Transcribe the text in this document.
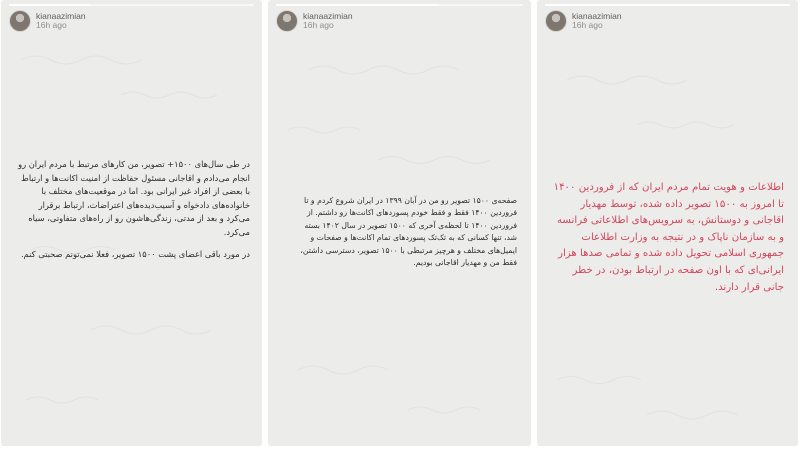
kianaazimian
16h ago

در طی سال‌های ۱۵۰۰+ تصویر، من کارهای مرتبط با مردم ایران رو انجام می‌دادم و اقاجانی مسئول حفاظت از امنیت اکانت‌ها و ارتباط با بعضی از افراد غیر ایرانی بود. اما در موقعیت‌های مختلف با خانواده‌های دادخواه و آسیب‌دیده‌های اعتراضات، ارتباط برقرار می‌کرد و بعد از مدتی، زندگی‌هاشون رو از راه‌های متفاوتی، سیاه می‌کرد.

در مورد باقی اعضای پشت ۱۵۰۰ تصویر، فعلا نمی‌تونم صحبتی کنم.

kianaazimian
16h ago

صفحه‌ی ۱۵۰۰ تصویر رو من در آبان ۱۳۹۹ در ایران شروع کردم و تا فروردین ۱۴۰۰ فقط و فقط خودم پسوردهای اکانت‌ها رو داشتم. از فروردین ۱۴۰۰ تا لحظه‌ی آخری که ۱۵۰۰ تصویر در سال ۱۴۰۲ بسته شد، تنها کسانی که به تک‌تک پسوردهای تمام اکانت‌ها و صفحات و ایمیل‌های مختلف و هرچیز مرتبطی با ۱۵۰۰ تصویر، دسترسی داشتن، فقط من و مهدیار اقاجانی بودیم.

kianaazimian
16h ago

اطلاعات و هویت تمام مردم ایران که از فروردین ۱۴۰۰ تا امروز به ۱۵۰۰ تصویر داده شده، توسط مهدیار اقاجانی و دوستانش، به سرویس‌های اطلاعاتی فرانسه و به سازمان ناپاک و در نتیجه به وزارت اطلاعات جمهوری اسلامی تحویل داده شده و تمامی صدها هزار ایرانی‌ای که با اون صفحه در ارتباط بودن، در خطر جانی قرار دارند.
